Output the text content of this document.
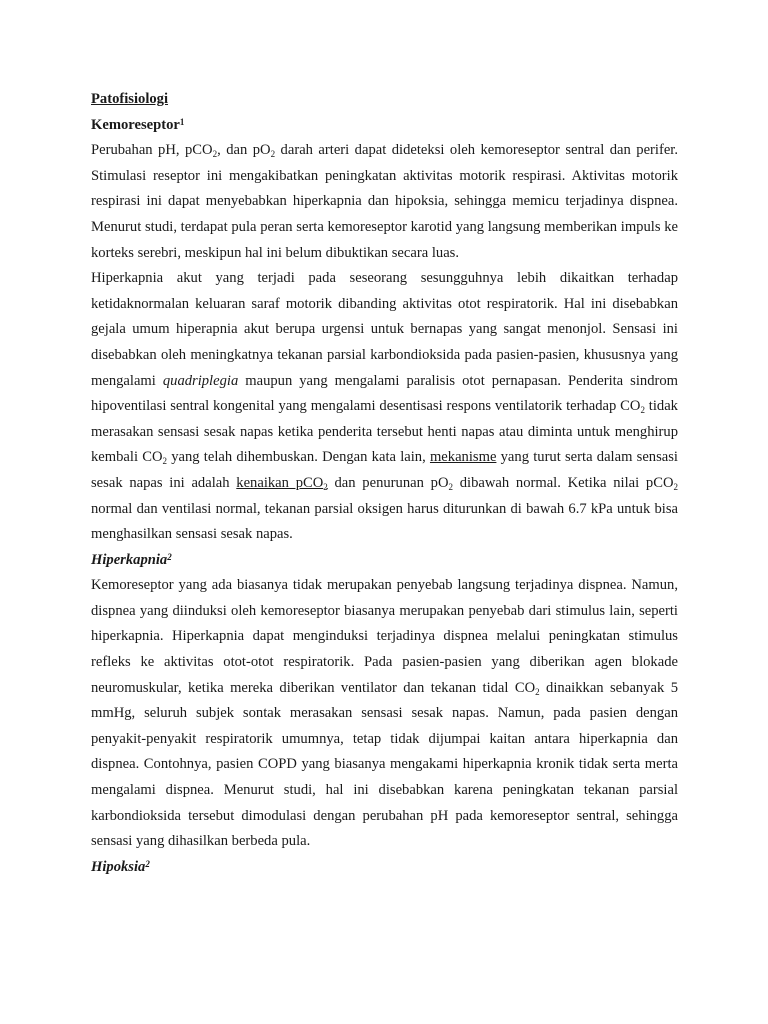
Patofisiologi

Kemoreseptor$^1$

Perubahan pH, pCO$_2$, dan $pO_2$ darah arteri dapat dideteksi oleh kemoreseptor sentral dan perifer. Stimulasi reseptor ini mengakibatkan peningkatan aktivitas motorik respirasi. Aktivitas motorik respirasi ini dapat menyebabkan hiperkapnia dan hipoksia, sehingga memicu terjadinya dispnea. Menurut studi, terdapat pula peran serta kemoreseptor karotid yang langsung memberikan impuls ke korteks serebri, meskipun hal ini belum dibuktikan secara luas.

Hiperkapnia akut yang terjadi pada seseorang sesungguhnya lebih dikaitkan terhadap ketidaknormalan keluaran saraf motorik dibanding aktivitas otot respiratorik. Hal ini disebabkan gejala umum hiperapnia akut berupa urgensi untuk bernapas yang sangat menonjol. Sensasi ini disebabkan oleh meningkatnya tekanan parsial karbondioksida pada pasien-pasien, khususnya yang mengalami quadriplegia maupun yang mengalami paralisis otot pernapasan. Penderita sindrom hipoventilasi sentral kongenital yang mengalami desentisasi respons ventilatorik terhadap $CO_2$ tidak merasakan sensasi sesak napas ketika penderita tersebut henti napas atau diminta untuk menghirup kembali $CO_2$ yang telah dihembuskan. Dengan kata lain, mekanisme yang turut serta dalam sensasi sesak napas ini adalah kenaikan pCO$_2$ dan penurunan $pO_2$ dibawah normal. Ketika nilai pCO$_2$ normal dan ventilasi normal, tekanan parsial oksigen harus diturunkan di bawah 6.7 kPa untuk bisa menghasilkan sensasi sesak napas.

Hiperkapnia$^2$

Kemoreseptor yang ada biasanya tidak merupakan penyebab langsung terjadinya dispnea. Namun, dispnea yang diinduksi oleh kemoreseptor biasanya merupakan penyebab dari stimulus lain, seperti hiperkapnia. Hiperkapnia dapat menginduksi terjadinya dispnea melalui peningkatan stimulus refleks ke aktivitas otot-otot respiratorik. Pada pasien-pasien yang diberikan agen blokade neuromuskular, ketika mereka diberikan ventilator dan tekanan tidal $CO_2$ dinaikkan sebanyak 5 mmHg, seluruh subjek sontak merasakan sensasi sesak napas. Namun, pada pasien dengan penyakit-penyakit respiratorik umumnya, tetap tidak dijumpai kaitan antara hiperkapnia dan dispnea. Contohnya, pasien COPD yang biasanya mengakami hiperkapnia kronik tidak serta merta mengalami dispnea. Menurut studi, hal ini disebabkan karena peningkatan tekanan parsial karbondioksida tersebut dimodulasi dengan perubahan pH pada kemoreseptor sentral, sehingga sensasi yang dihasilkan berbeda pula.

Hipoksia$^2$
